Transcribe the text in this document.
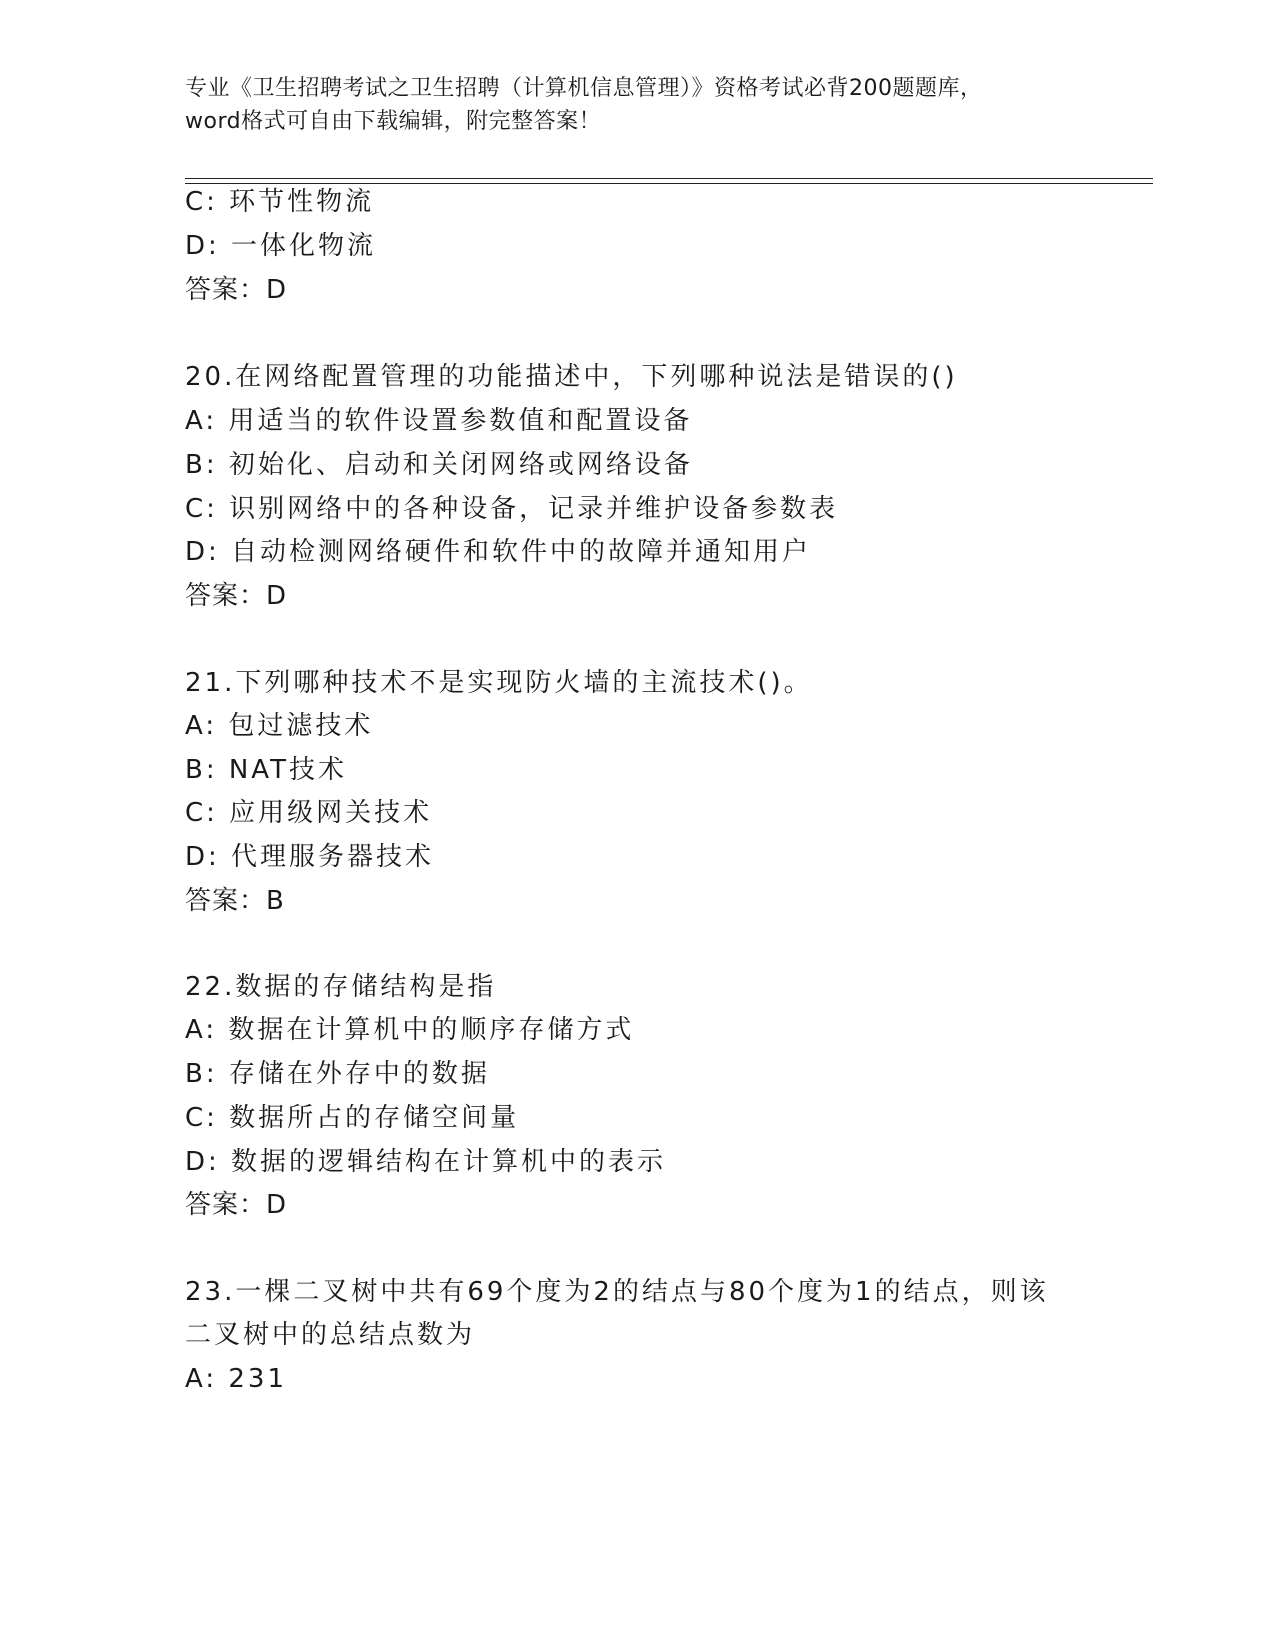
专业《卫生招聘考试之卫生招聘（计算机信息管理）》资格考试必背200题题库，

word格式可自由下载编辑，附完整答案！

C: 环节性物流
D: 一体化物流
答案：D
20.在网络配置管理的功能描述中，下列哪种说法是错误的()
A: 用适当的软件设置参数值和配置设备
B: 初始化、启动和关闭网络或网络设备
C: 识别网络中的各种设备，记录并维护设备参数表
D: 自动检测网络硬件和软件中的故障并通知用户
答案：D
21.下列哪种技术不是实现防火墙的主流技术()。
A: 包过滤技术
B: NAT技术
C: 应用级网关技术
D: 代理服务器技术
答案：B
22.数据的存储结构是指
A: 数据在计算机中的顺序存储方式
B: 存储在外存中的数据
C: 数据所占的存储空间量
D: 数据的逻辑结构在计算机中的表示
答案：D
23.一棵二叉树中共有69个度为2的结点与80个度为1的结点，则该
二叉树中的总结点数为
A: 231
